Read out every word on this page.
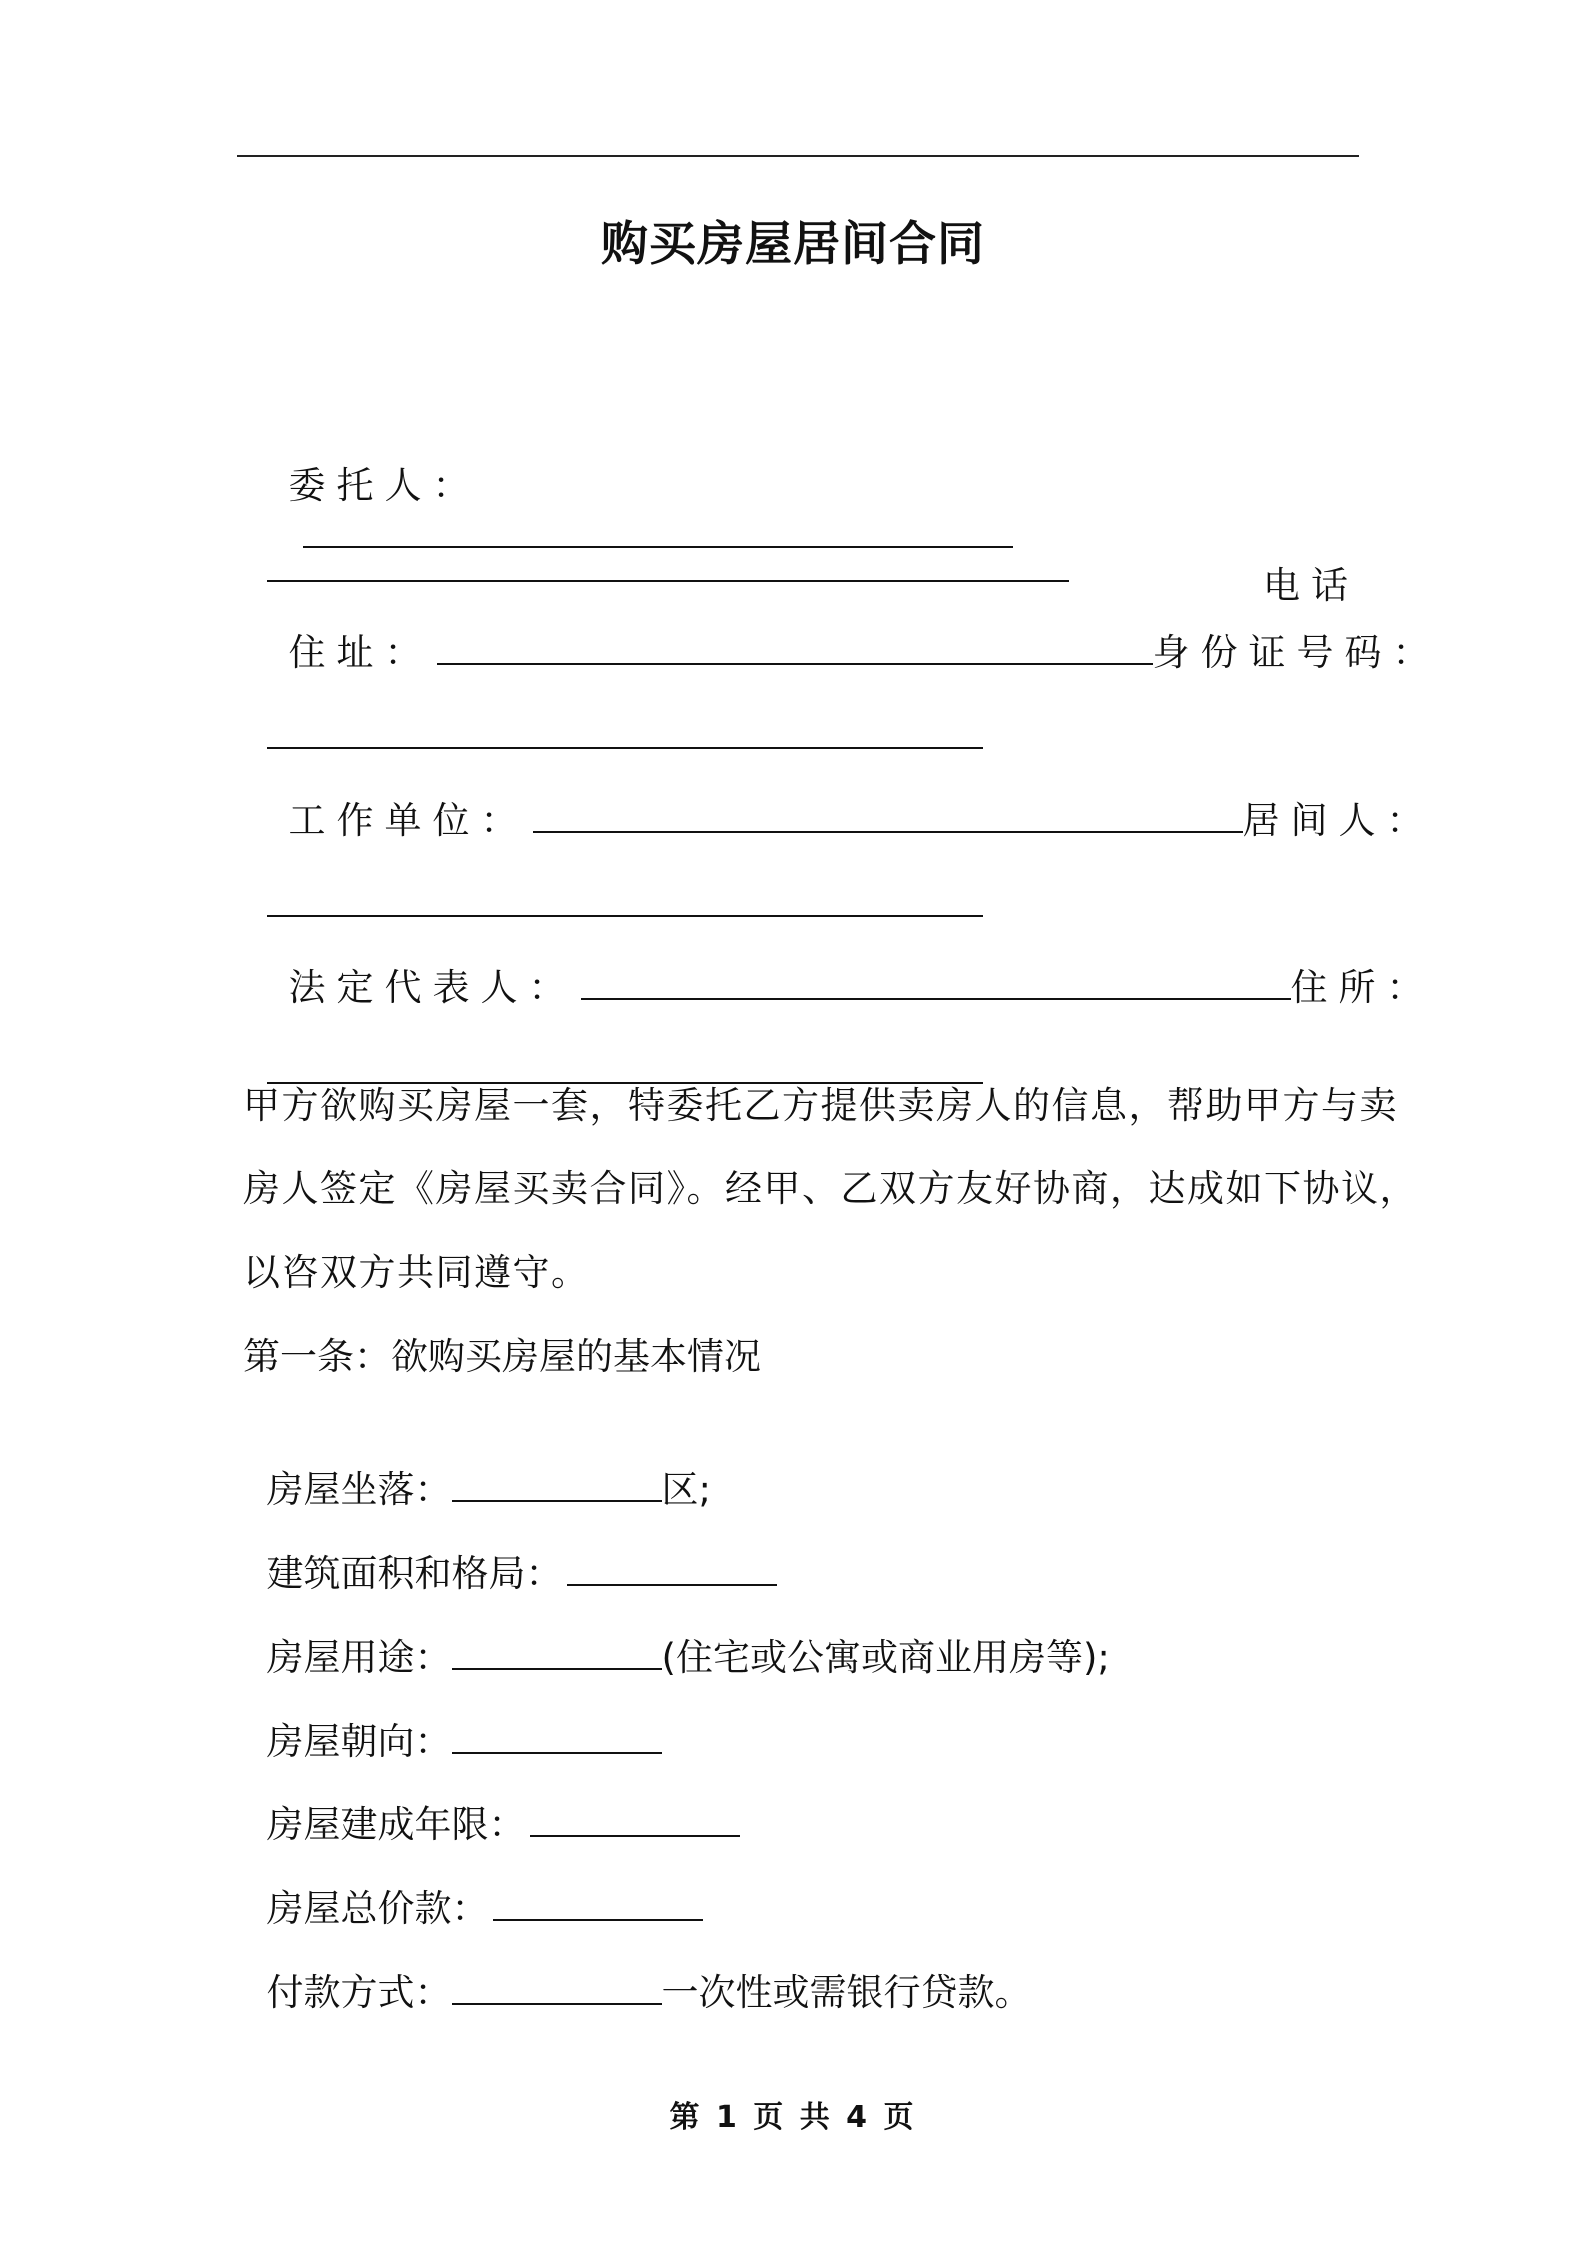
购买房屋居间合同

委托人：

电话

住址：	身份证号码：

工作单位：	居间人：

法定代表人：	住所：

甲方欲购买房屋一套，特委托乙方提供卖房人的信息，帮助甲方与卖
房人签定《房屋买卖合同》。经甲、乙双方友好协商，达成如下协议，
以咨双方共同遵守。
第一条：欲购买房屋的基本情况

房屋坐落：	区;

建筑面积和格局：

房屋用途：	(住宅或公寓或商业用房等);

房屋朝向：

房屋建成年限：

房屋总价款：

付款方式：	一次性或需银行贷款。

第 1 页 共 4 页
